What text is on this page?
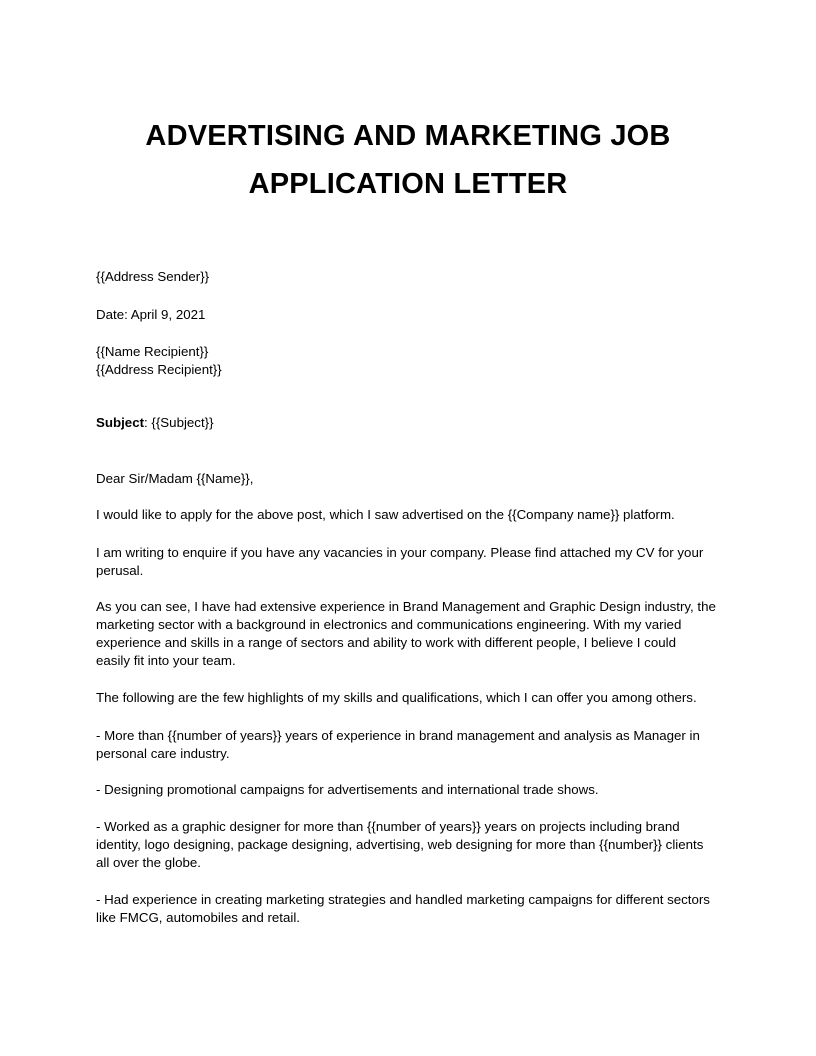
ADVERTISING AND MARKETING JOB
APPLICATION LETTER
{{Address Sender}}
Date: April 9, 2021
{{Name Recipient}}
{{Address Recipient}}
Subject: {{Subject}}
Dear Sir/Madam {{Name}},
I would like to apply for the above post, which I saw advertised on the {{Company name}} platform.
I am writing to enquire if you have any vacancies in your company. Please find attached my CV for your
perusal.
As you can see, I have had extensive experience in Brand Management and Graphic Design industry, the
marketing sector with a background in electronics and communications engineering. With my varied
experience and skills in a range of sectors and ability to work with different people, I believe I could
easily fit into your team.
The following are the few highlights of my skills and qualifications, which I can offer you among others.
- More than {{number of years}} years of experience in brand management and analysis as Manager in
personal care industry.
- Designing promotional campaigns for advertisements and international trade shows.
- Worked as a graphic designer for more than {{number of years}} years on projects including brand
identity, logo designing, package designing, advertising, web designing for more than {{number}} clients
all over the globe.
- Had experience in creating marketing strategies and handled marketing campaigns for different sectors
like FMCG, automobiles and retail.
